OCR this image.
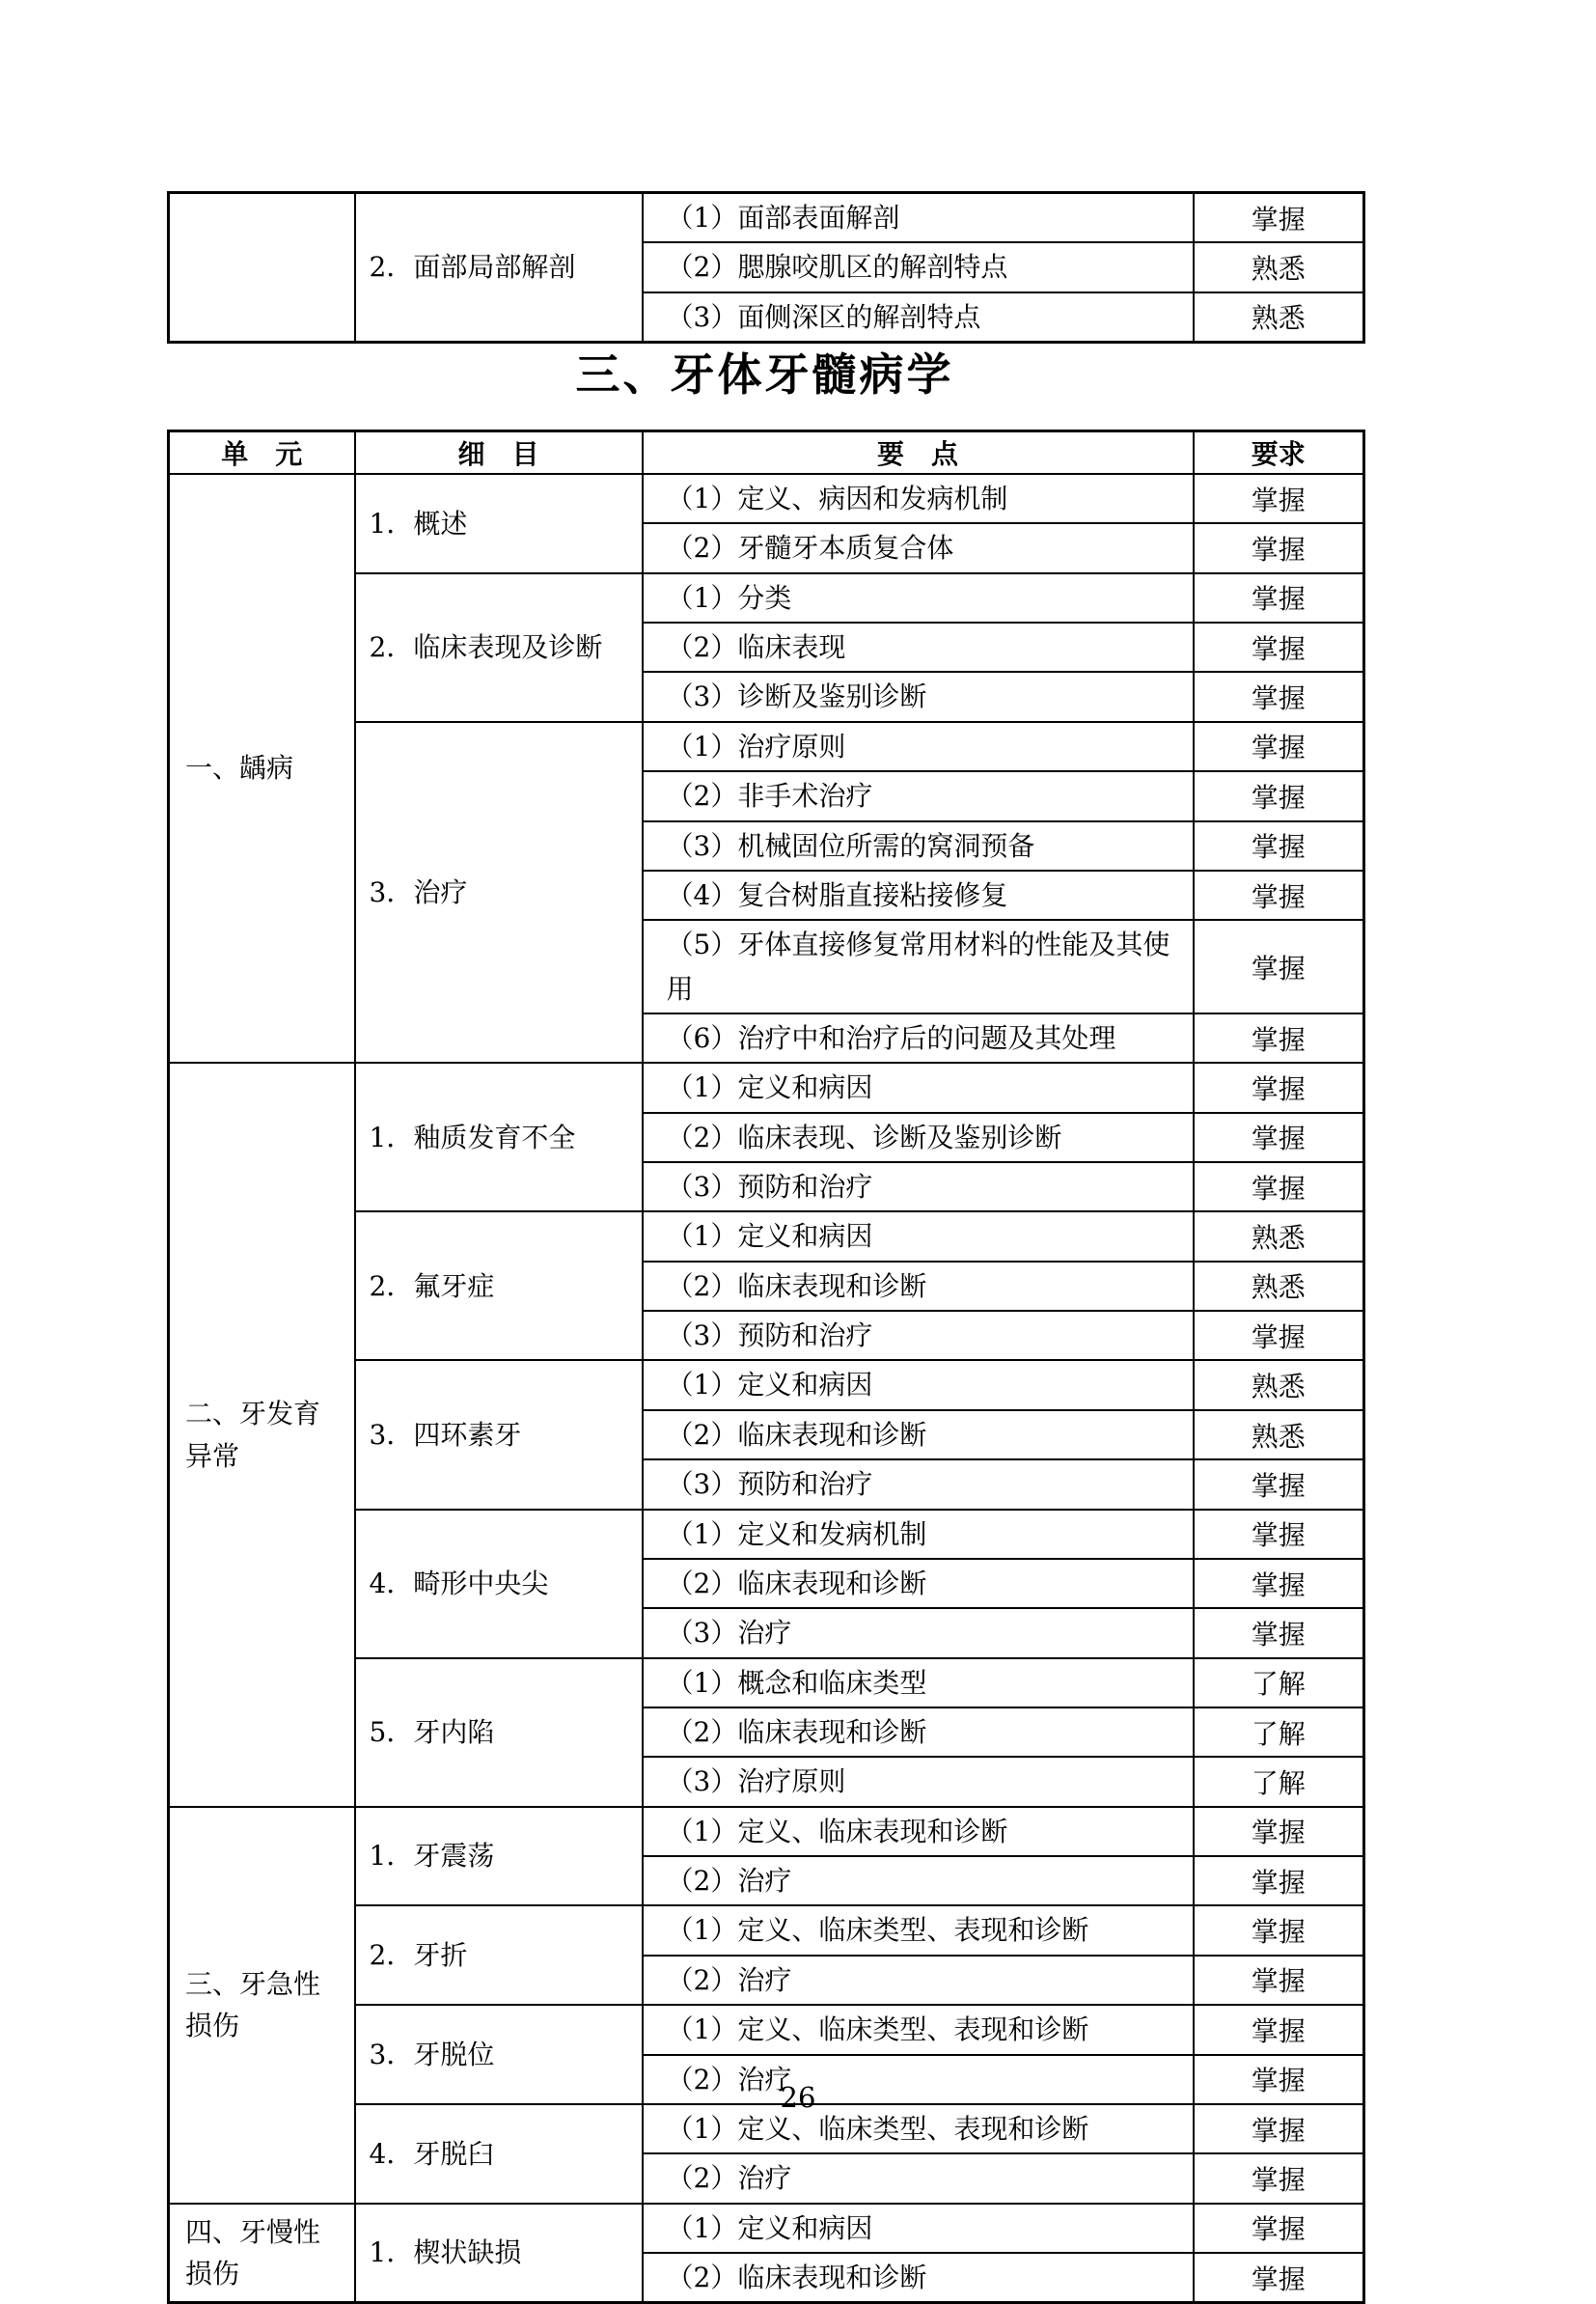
	2．面部局部解剖	（1）面部表面解剖	掌握
		（2）腮腺咬肌区的解剖特点	熟悉
		（3）面侧深区的解剖特点	熟悉
三、牙体牙髓病学
单　元	细　目	要　点	要求
一、龋病	1．概述	（1）定义、病因和发病机制	掌握
		（2）牙髓牙本质复合体	掌握
	2．临床表现及诊断	（1）分类	掌握
		（2）临床表现	掌握
		（3）诊断及鉴别诊断	掌握
	3．治疗	（1）治疗原则	掌握
		（2）非手术治疗	掌握
		（3）机械固位所需的窝洞预备	掌握
		（4）复合树脂直接粘接修复	掌握
		（5）牙体直接修复常用材料的性能及其使用	掌握
		（6）治疗中和治疗后的问题及其处理	掌握
二、牙发育异常	1．釉质发育不全	（1）定义和病因	掌握
		（2）临床表现、诊断及鉴别诊断	掌握
		（3）预防和治疗	掌握
	2．氟牙症	（1）定义和病因	熟悉
		（2）临床表现和诊断	熟悉
		（3）预防和治疗	掌握
	3．四环素牙	（1）定义和病因	熟悉
		（2）临床表现和诊断	熟悉
		（3）预防和治疗	掌握
	4．畸形中央尖	（1）定义和发病机制	掌握
		（2）临床表现和诊断	掌握
		（3）治疗	掌握
	5．牙内陷	（1）概念和临床类型	了解
		（2）临床表现和诊断	了解
		（3）治疗原则	了解
三、牙急性损伤	1．牙震荡	（1）定义、临床表现和诊断	掌握
		（2）治疗	掌握
	2．牙折	（1）定义、临床类型、表现和诊断	掌握
		（2）治疗	掌握
	3．牙脱位	（1）定义、临床类型、表现和诊断	掌握
		（2）治疗	掌握
	4．牙脱臼	（1）定义、临床类型、表现和诊断	掌握
		（2）治疗	掌握
四、牙慢性损伤	1．楔状缺损	（1）定义和病因	掌握
		（2）临床表现和诊断	掌握
26
